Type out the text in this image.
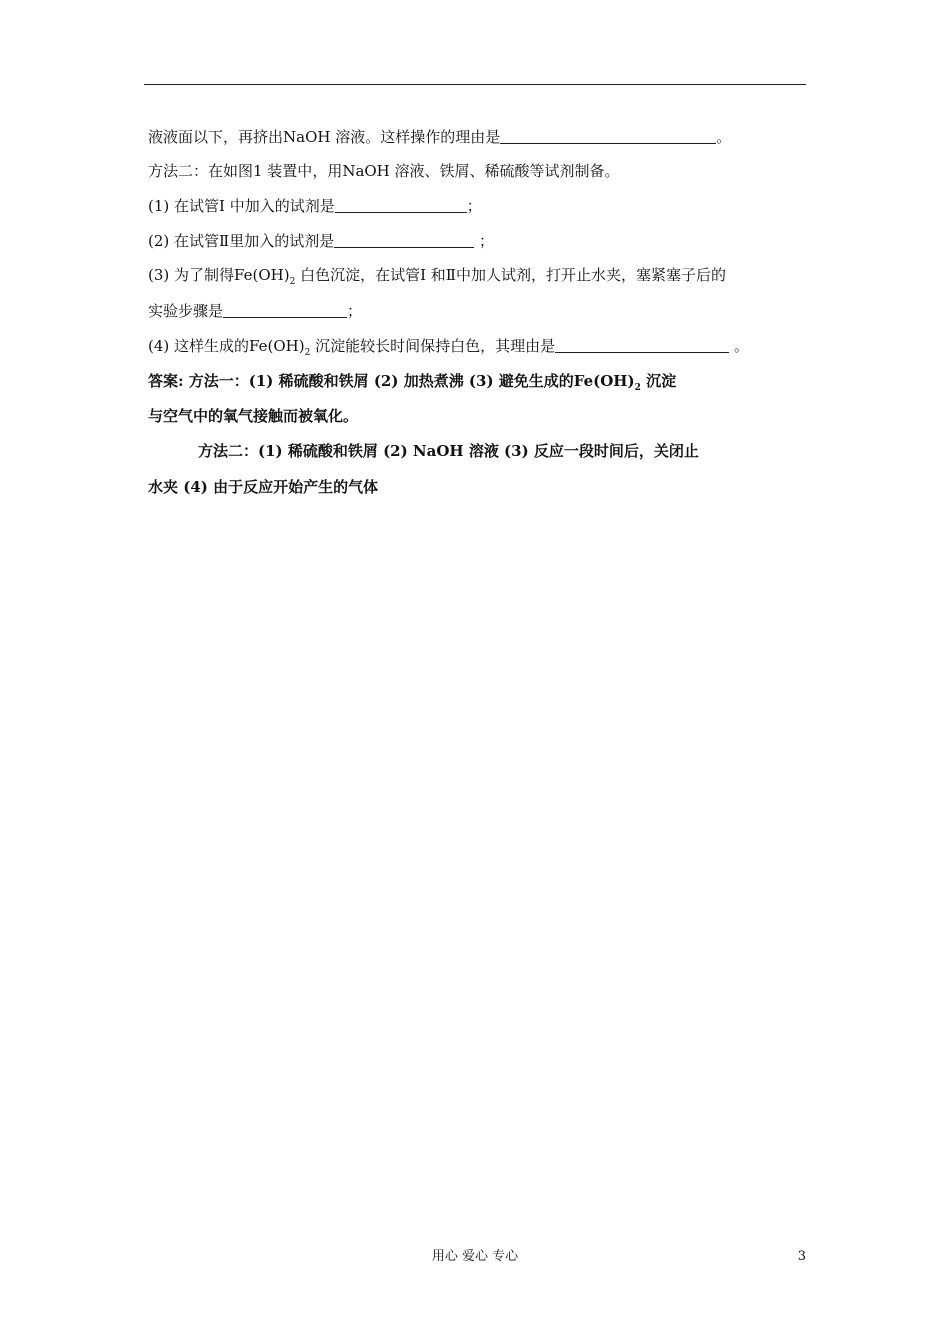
液液面以下，再挤出NaOH 溶液。这样操作的理由是	。
方法二：在如图1 装置中，用NaOH 溶液、铁屑、稀硫酸等试剂制备。
(1) 在试管I 中加入的试剂是	；
(2) 在试管Ⅱ里加入的试剂是	；
(3) 为了制得$Fe(OH)_2$ 白色沉淀，在试管I 和Ⅱ中加人试剂，打开止水夹，塞紧塞子后的
实验步骤是	；
(4) 这样生成的$Fe(OH)_2$ 沉淀能较长时间保持白色，其理由是	。
答案: 方法一：(1) 稀硫酸和铁屑 (2) 加热煮沸 (3) 避免生成的$Fe(OH)_2$ 沉淀
与空气中的氧气接触而被氧化。
方法二：(1) 稀硫酸和铁屑 (2) NaOH 溶液 (3) 反应一段时间后，关闭止
水夹 (4) 由于反应开始产生的气体
用心 爱心 专心	3
